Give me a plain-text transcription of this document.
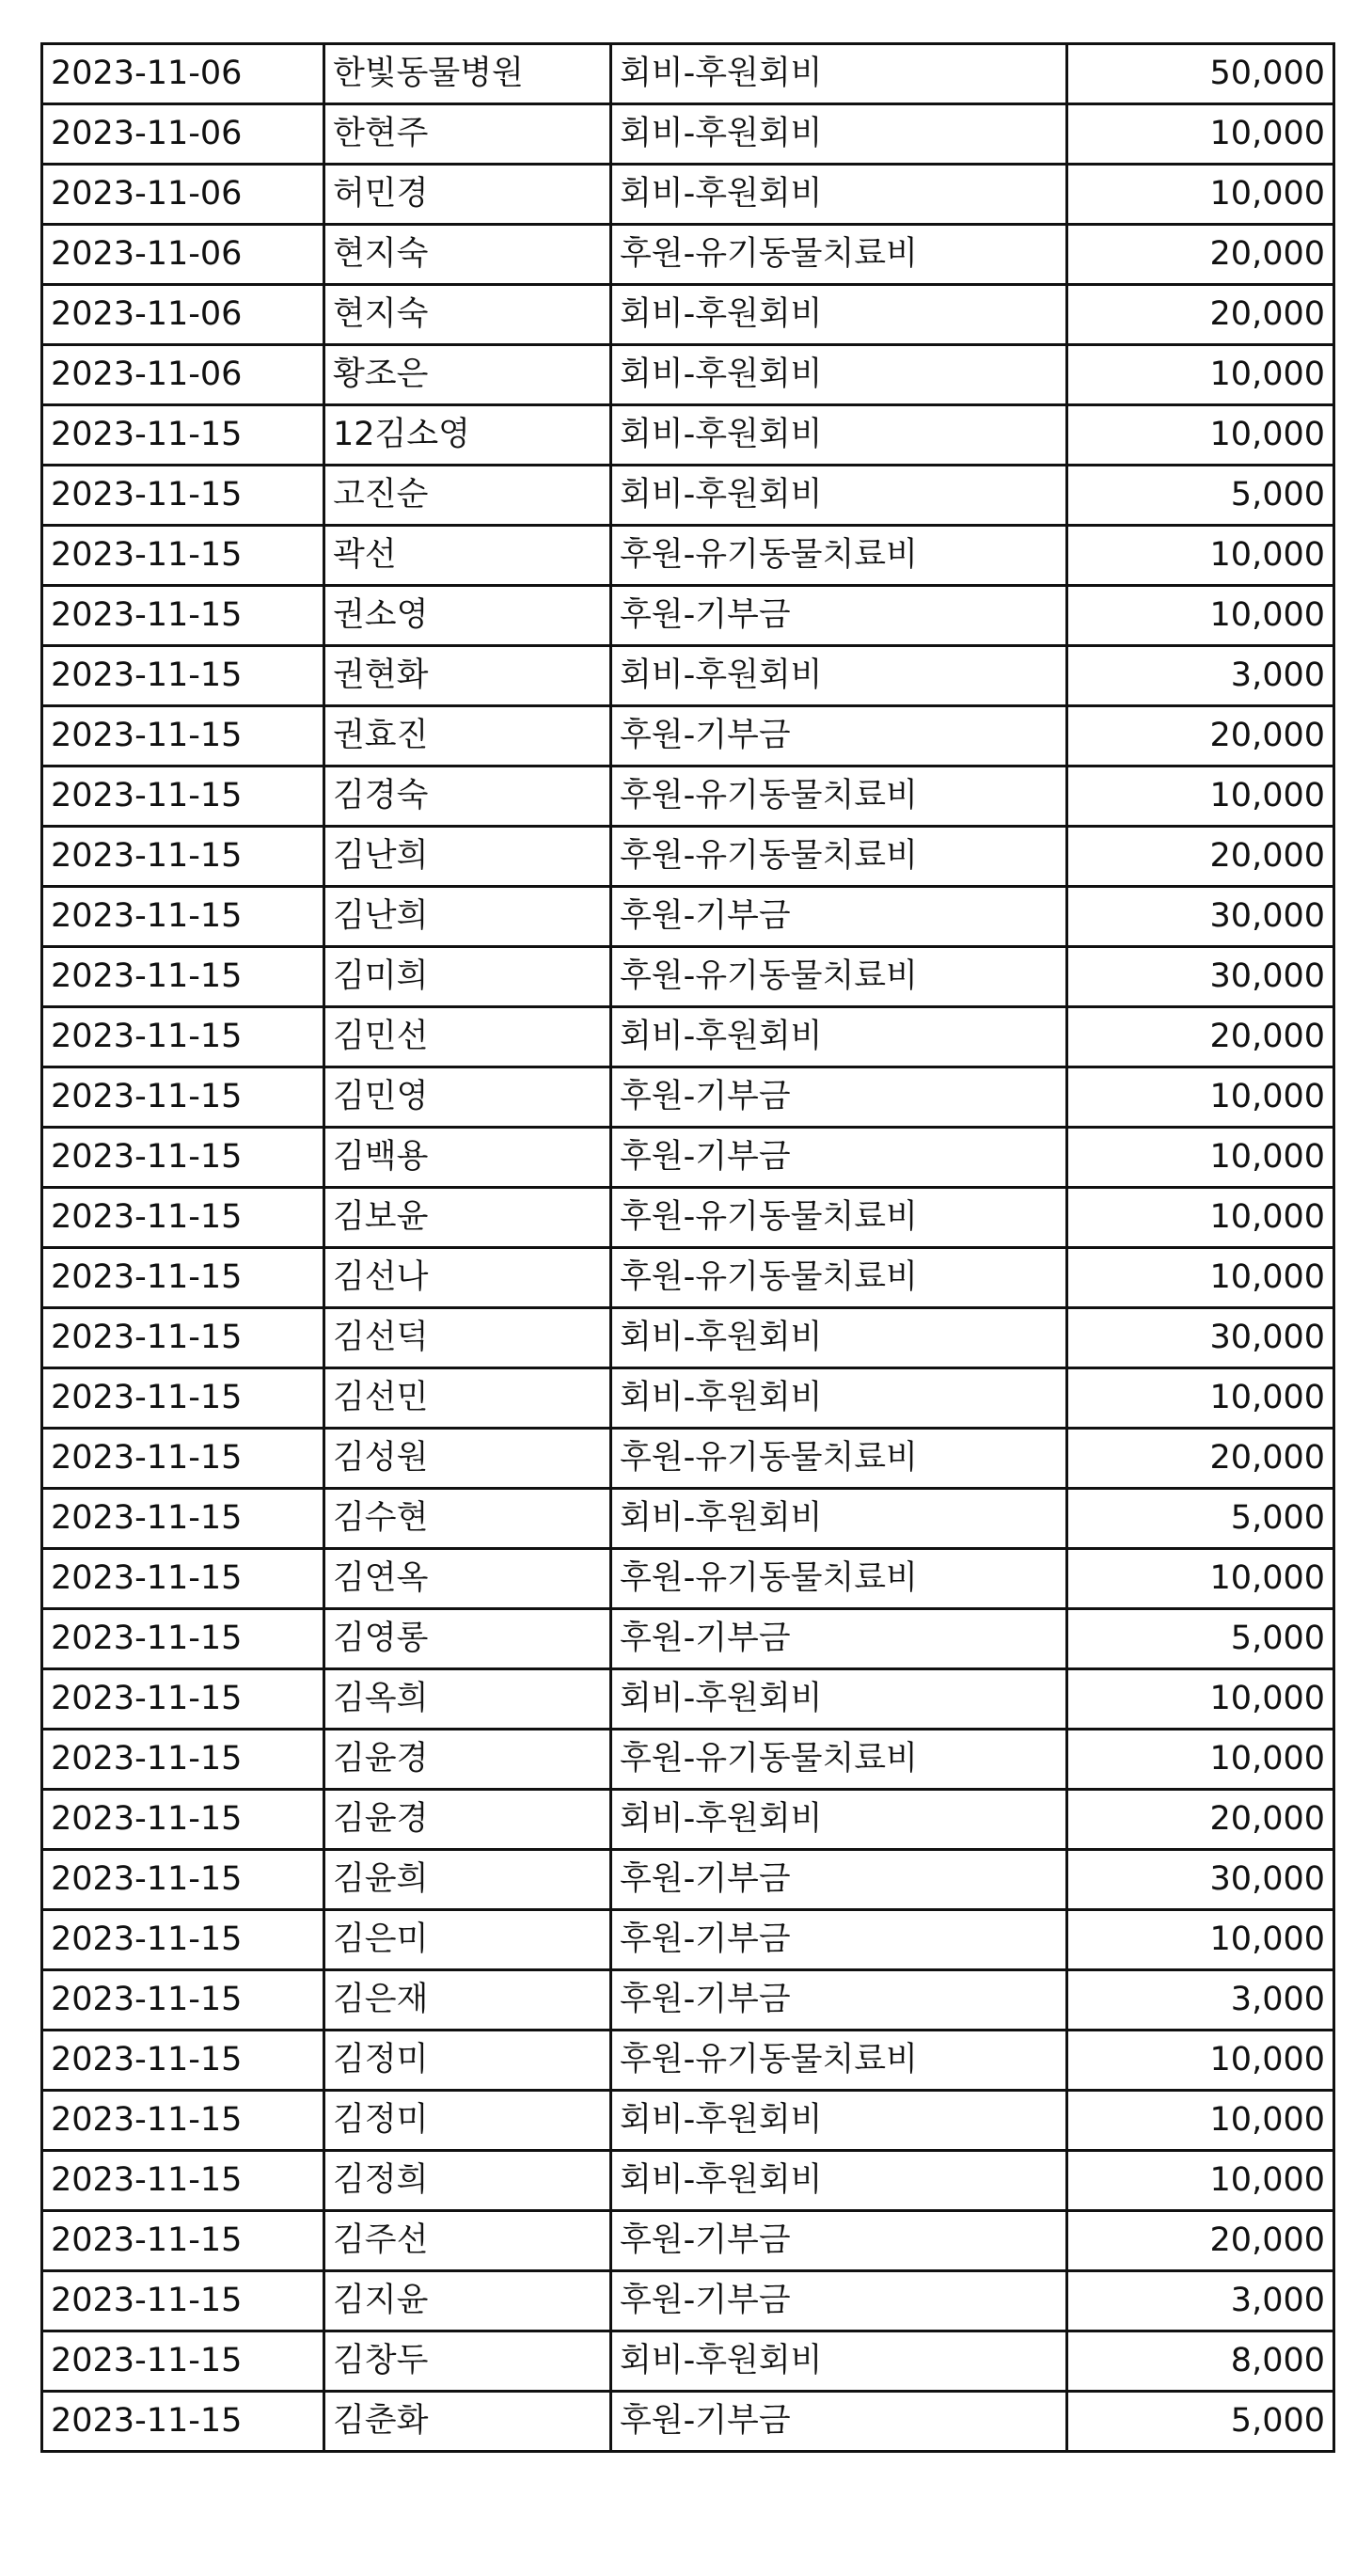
2023-11-06	한빛동물병원	회비-후원회비	50,000
2023-11-06	한현주	회비-후원회비	10,000
2023-11-06	허민경	회비-후원회비	10,000
2023-11-06	현지숙	후원-유기동물치료비	20,000
2023-11-06	현지숙	회비-후원회비	20,000
2023-11-06	황조은	회비-후원회비	10,000
2023-11-15	12김소영	회비-후원회비	10,000
2023-11-15	고진순	회비-후원회비	5,000
2023-11-15	곽선	후원-유기동물치료비	10,000
2023-11-15	권소영	후원-기부금	10,000
2023-11-15	권현화	회비-후원회비	3,000
2023-11-15	권효진	후원-기부금	20,000
2023-11-15	김경숙	후원-유기동물치료비	10,000
2023-11-15	김난희	후원-유기동물치료비	20,000
2023-11-15	김난희	후원-기부금	30,000
2023-11-15	김미희	후원-유기동물치료비	30,000
2023-11-15	김민선	회비-후원회비	20,000
2023-11-15	김민영	후원-기부금	10,000
2023-11-15	김백용	후원-기부금	10,000
2023-11-15	김보윤	후원-유기동물치료비	10,000
2023-11-15	김선나	후원-유기동물치료비	10,000
2023-11-15	김선덕	회비-후원회비	30,000
2023-11-15	김선민	회비-후원회비	10,000
2023-11-15	김성원	후원-유기동물치료비	20,000
2023-11-15	김수현	회비-후원회비	5,000
2023-11-15	김연옥	후원-유기동물치료비	10,000
2023-11-15	김영롱	후원-기부금	5,000
2023-11-15	김옥희	회비-후원회비	10,000
2023-11-15	김윤경	후원-유기동물치료비	10,000
2023-11-15	김윤경	회비-후원회비	20,000
2023-11-15	김윤희	후원-기부금	30,000
2023-11-15	김은미	후원-기부금	10,000
2023-11-15	김은재	후원-기부금	3,000
2023-11-15	김정미	후원-유기동물치료비	10,000
2023-11-15	김정미	회비-후원회비	10,000
2023-11-15	김정희	회비-후원회비	10,000
2023-11-15	김주선	후원-기부금	20,000
2023-11-15	김지윤	후원-기부금	3,000
2023-11-15	김창두	회비-후원회비	8,000
2023-11-15	김춘화	후원-기부금	5,000
